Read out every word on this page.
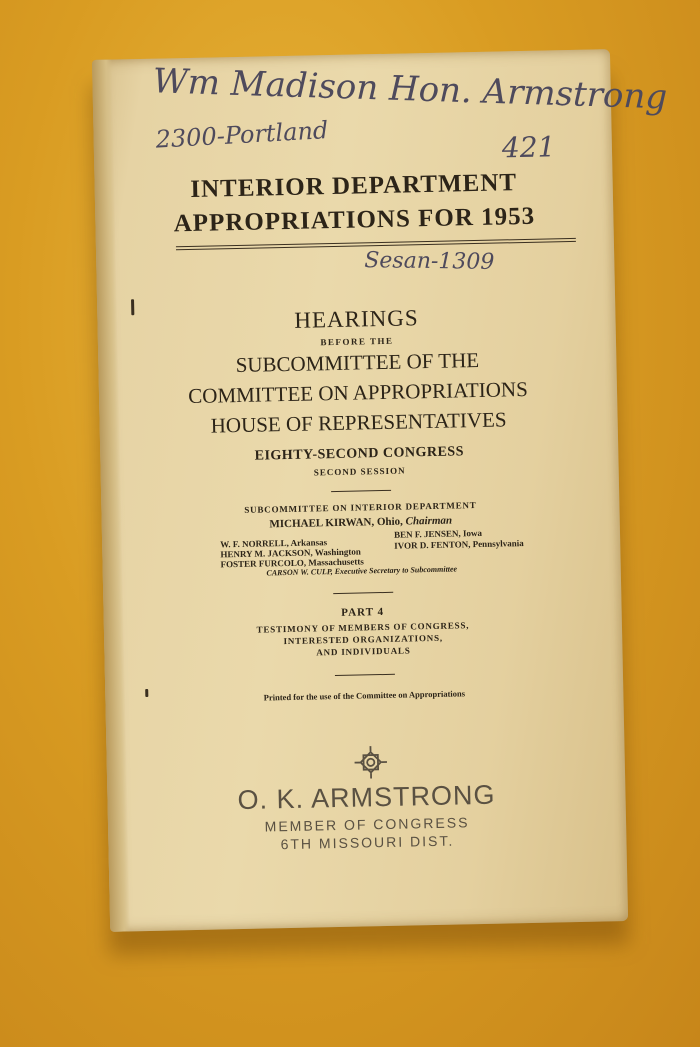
Wm Madison Hon. Armstrong
2300-Portland	421
INTERIOR DEPARTMENT
APPROPRIATIONS FOR 1953
Sesan-1309
HEARINGS
BEFORE THE
SUBCOMMITTEE OF THE
COMMITTEE ON APPROPRIATIONS
HOUSE OF REPRESENTATIVES
EIGHTY-SECOND CONGRESS
SECOND SESSION
SUBCOMMITTEE ON INTERIOR DEPARTMENT
MICHAEL KIRWAN, Ohio, Chairman
W. F. NORRELL, Arkansas
HENRY M. JACKSON, Washington
FOSTER FURCOLO, Massachusetts
BEN F. JENSEN, Iowa
IVOR D. FENTON, Pennsylvania
CARSON W. CULP, Executive Secretary to Subcommittee
PART 4
TESTIMONY OF MEMBERS OF CONGRESS,
INTERESTED ORGANIZATIONS,
AND INDIVIDUALS
Printed for the use of the Committee on Appropriations
O. K. ARMSTRONG
MEMBER OF CONGRESS
6TH MISSOURI DIST.
